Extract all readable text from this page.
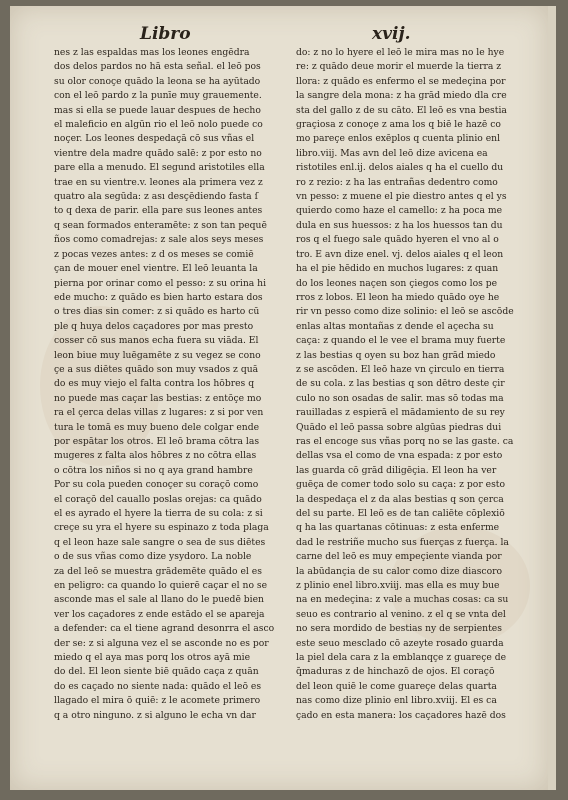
Libro	xvij.
nes z las espaldas mas los leones engēdra
dos delos pardos no hā esta señal. el leō pos
su olor conoçe quādo la leona se ha ayūtado
con el leō pardo z la punīe muy grauemente.
mas si ella se puede lauar despues de hecho
el maleficio en algūn rio el leō nolo puede co
noçer. Los leones despedaçā cō sus vñas el
vientre dela madre quādo salē: z por esto no
pare ella a menudo. El segund aristotiles ella
trae en su vientre.v. leones ala primera vez z
quatro ala segūda: z ası desçēdiendo fasta ſ
to q dexa de parir. ella pare sus leones antes
q sean formados enteramēte: z son tan pequē
ños como comadrejas: z sale alos seys meses
z pocas vezes antes: z d os meses se comiē
çan de mouer enel vientre. El leō leuanta la
pierna por orinar como el pesso: z su orina hi
ede mucho: z quādo es bien harto estara dos
o tres dias sin comer: z si quādo es harto cū
ple q huya delos caçadores por mas presto
cosser cō sus manos echa fuera su viāda. El
leon biue muy luēgamēte z su vegez se cono
çe a sus diētes quādo son muy vsados z quā
do es muy viejo el falta contra los hōbres q
no puede mas caçar las bestias: z entōçe mo
ra el çerca delas villas z lugares: z si por ven
tura le tomā es muy bueno dele colgar ende
por espātar los otros. El leō brama cōtra las
mugeres z falta alos hōbres z no cōtra ellas
o cōtra los niños si no q aya grand hambre
Por su cola pueden conoçer su coraçō como
el coraçō del cauallo poslas orejas: ca quādo
el es ayrado el hyere la tierra de su cola: z si
creçe su yra el hyere su espinazo z toda plaga
q el leon haze sale sangre o sea de sus diētes
o de sus vñas como dize ysydoro. La noble
za del leō se muestra grādemēte quādo el es
en peligro: ca quando lo quierē caçar el no se
asconde mas el sale al llano do le puedē bien
ver los caçadores z ende estādo el se apareja
a defender: ca el tiene agrand desonrra el asco
der se: z si alguna vez el se asconde no es por
miedo q el aya mas porq los otros ayā mie
do del. El leon siente biē quādo caça z quān
do es caçado no siente nada: quādo el leō es
llagado el mira ō quiē: z le acomete primero
q a otro ninguno. z si alguno le echa vn dar
do: z no lo hyere el leō le mira mas no le hye
re: z quādo deue morir el muerde la tierra z
llora: z quādo es enfermo el se medeçina por
la sangre dela mona: z ha grād miedo dla cre
sta del gallo z de su cāto. El leō es vna bestia
graçiosa z conoçe z ama los q biē le hazē co
mo pareçe enlos exēplos q cuenta plinio enl
libro.viij. Mas avn del leō dize avicena ea
ristotiles enl.ij. delos aiales q ha el cuello du
ro z rezio: z ha las entrañas dedentro como
vn pesso: z muene el pie diestro antes q el ys
quierdo como haze el camello: z ha poca me
dula en sus huessos: z ha los huessos tan du
ros q el fuego sale quādo hyeren el vno al o
tro. E avn dize enel. vj. delos aiales q el leon
ha el pie hēdido en muchos lugares: z quan
do los leones naçen son çiegos como los pe
rros z lobos. El leon ha miedo quādo oye he
rir vn pesso como dize solinio: el leō se ascōde
enlas altas montañas z dende el açecha su
caça: z quando el le vee el brama muy fuerte
z las bestias q oyen su boz han grād miedo
z se ascōden. El leō haze vn çirculo en tierra
de su cola. z las bestias q son dētro deste çir
culo no son osadas de salir. mas sō todas ma
rauilladas z espierā el mādamiento de su rey
Quādo el leō passa sobre algūas piedras dui
ras el encoge sus vñas porq no se las gaste. ca
dellas vsa el como de vna espada: z por esto
las guarda cō grād diligēçia. El leon ha ver
guēça de comer todo solo su caça: z por esto
la despedaça el z da alas bestias q son çerca
del su parte. El leō es de tan caliēte cōplexiō
q ha las quartanas cōtinuas: z esta enferme
dad le restriñe mucho sus fuerças z fuerça. la
carne del leō es muy empeçiente vianda por
la abūdançia de su calor como dize diascoro
z plinio enel libro.xviij. mas ella es muy bue
na en medeçina: z vale a muchas cosas: ca su
seuo es contrario al venino. z el q se vnta del
no sera mordido de bestias ny de serpientes
este seuo mesclado cō azeyte rosado guarda
la piel dela cara z la emblanqçe z guareçe de
q̄maduras z de hinchazō de ojos. El coraçō
del leon quiē le come guareçe delas quarta
nas como dize plinio enl libro.xviij. El es ca
çado en esta manera: los caçadores hazē dos
